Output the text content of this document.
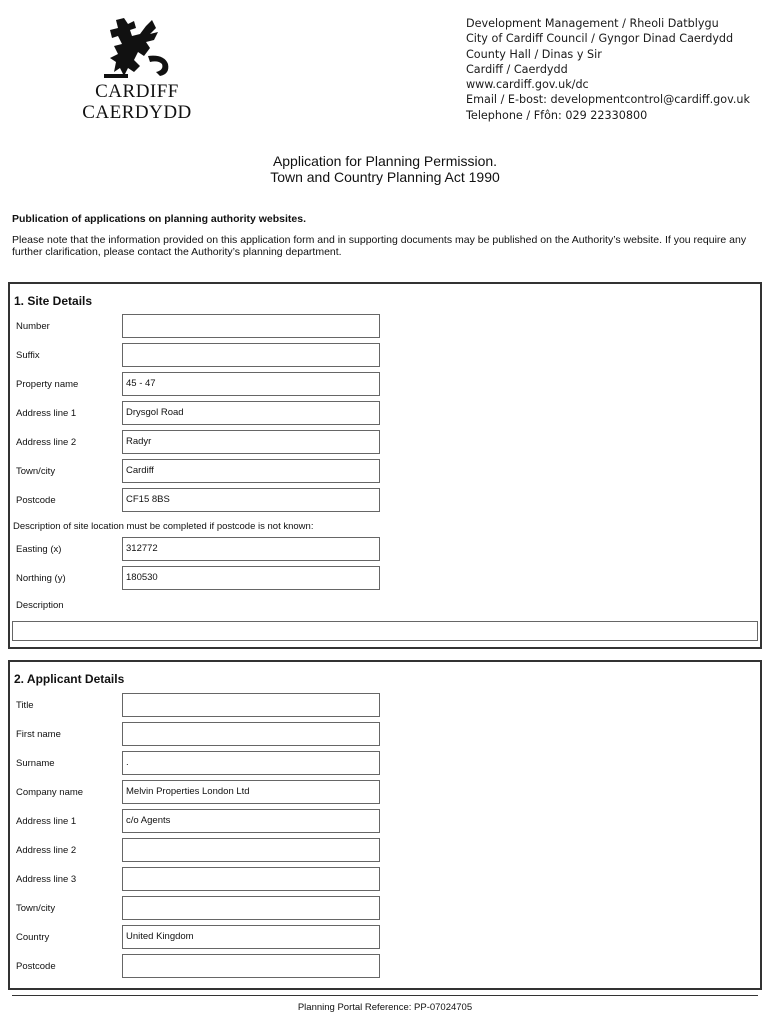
CARDIFF
CAERDYDD
Development Management / Rheoli Datblygu
City of Cardiff Council / Gyngor Dinad Caerdydd
County Hall / Dinas y Sir
Cardiff / Caerdydd
www.cardiff.gov.uk/dc
Email / E-bost: developmentcontrol@cardiff.gov.uk
Telephone / Ffôn: 029 22330800
Application for Planning Permission.
Town and Country Planning Act 1990
Publication of applications on planning authority websites.
Please note that the information provided on this application form and in supporting documents may be published on the Authority’s website. If you require any further clarification, please contact the Authority’s planning department.
1. Site Details
Number
Suffix
Property name	45 - 47
Address line 1	Drysgol Road
Address line 2	Radyr
Town/city	Cardiff
Postcode	CF15 8BS
Description of site location must be completed if postcode is not known:
Easting (x)	312772
Northing (y)	180530
Description
2. Applicant Details
Title
First name
Surname	.
Company name	Melvin Properties London Ltd
Address line 1	c/o Agents
Address line 2
Address line 3
Town/city
Country	United Kingdom
Postcode
Planning Portal Reference: PP-07024705
